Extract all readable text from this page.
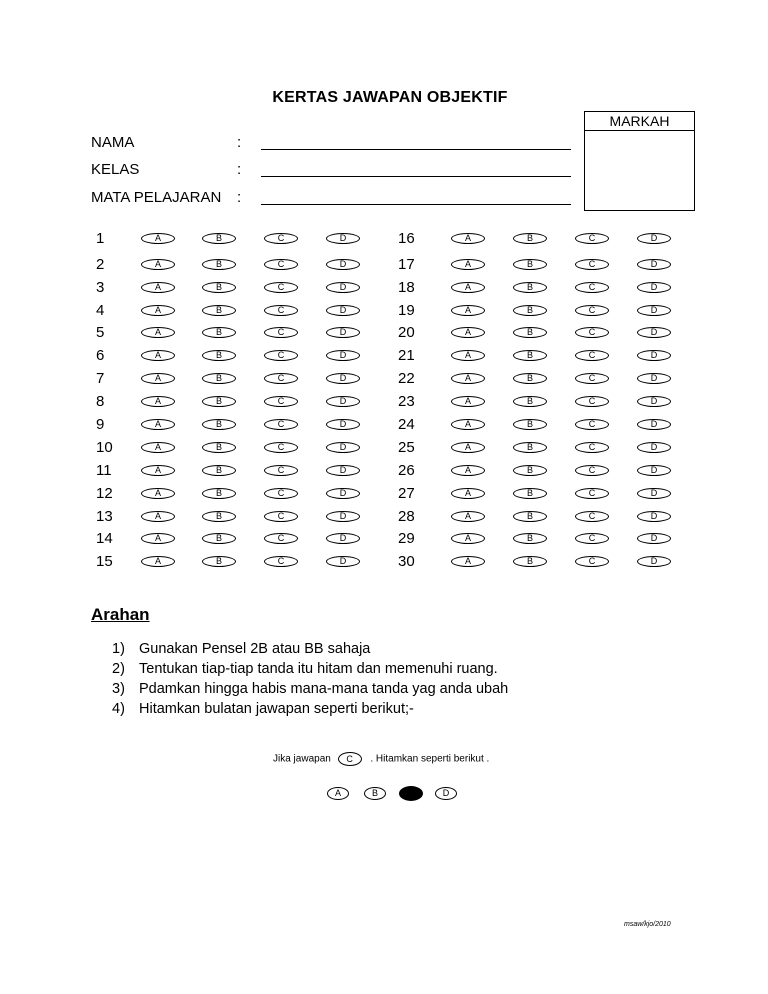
KERTAS JAWAPAN OBJEKTIF
MARKAH
NAMA	:
KELAS	:
MATA PELAJARAN :
1	A	B	C	D
2	A	B	C	D
3	A	B	C	D
4	A	B	C	D
5	A	B	C	D
6	A	B	C	D
7	A	B	C	D
8	A	B	C	D
9	A	B	C	D
10	A	B	C	D
11	A	B	C	D
12	A	B	C	D
13	A	B	C	D
14	A	B	C	D
15	A	B	C	D
16	A	B	C	D
17	A	B	C	D
18	A	B	C	D
19	A	B	C	D
20	A	B	C	D
21	A	B	C	D
22	A	B	C	D
23	A	B	C	D
24	A	B	C	D
25	A	B	C	D
26	A	B	C	D
27	A	B	C	D
28	A	B	C	D
29	A	B	C	D
30	A	B	C	D
Arahan
1) Gunakan Pensel 2B atau BB sahaja
2) Tentukan tiap-tiap tanda itu hitam dan memenuhi ruang.
3) Pdamkan hingga habis mana-mana tanda yag anda ubah
4) Hitamkan bulatan jawapan seperti berikut;-
Jika jawapan C . Hitamkan seperti berikut .
A	B	D
msaw/kjo/2010
